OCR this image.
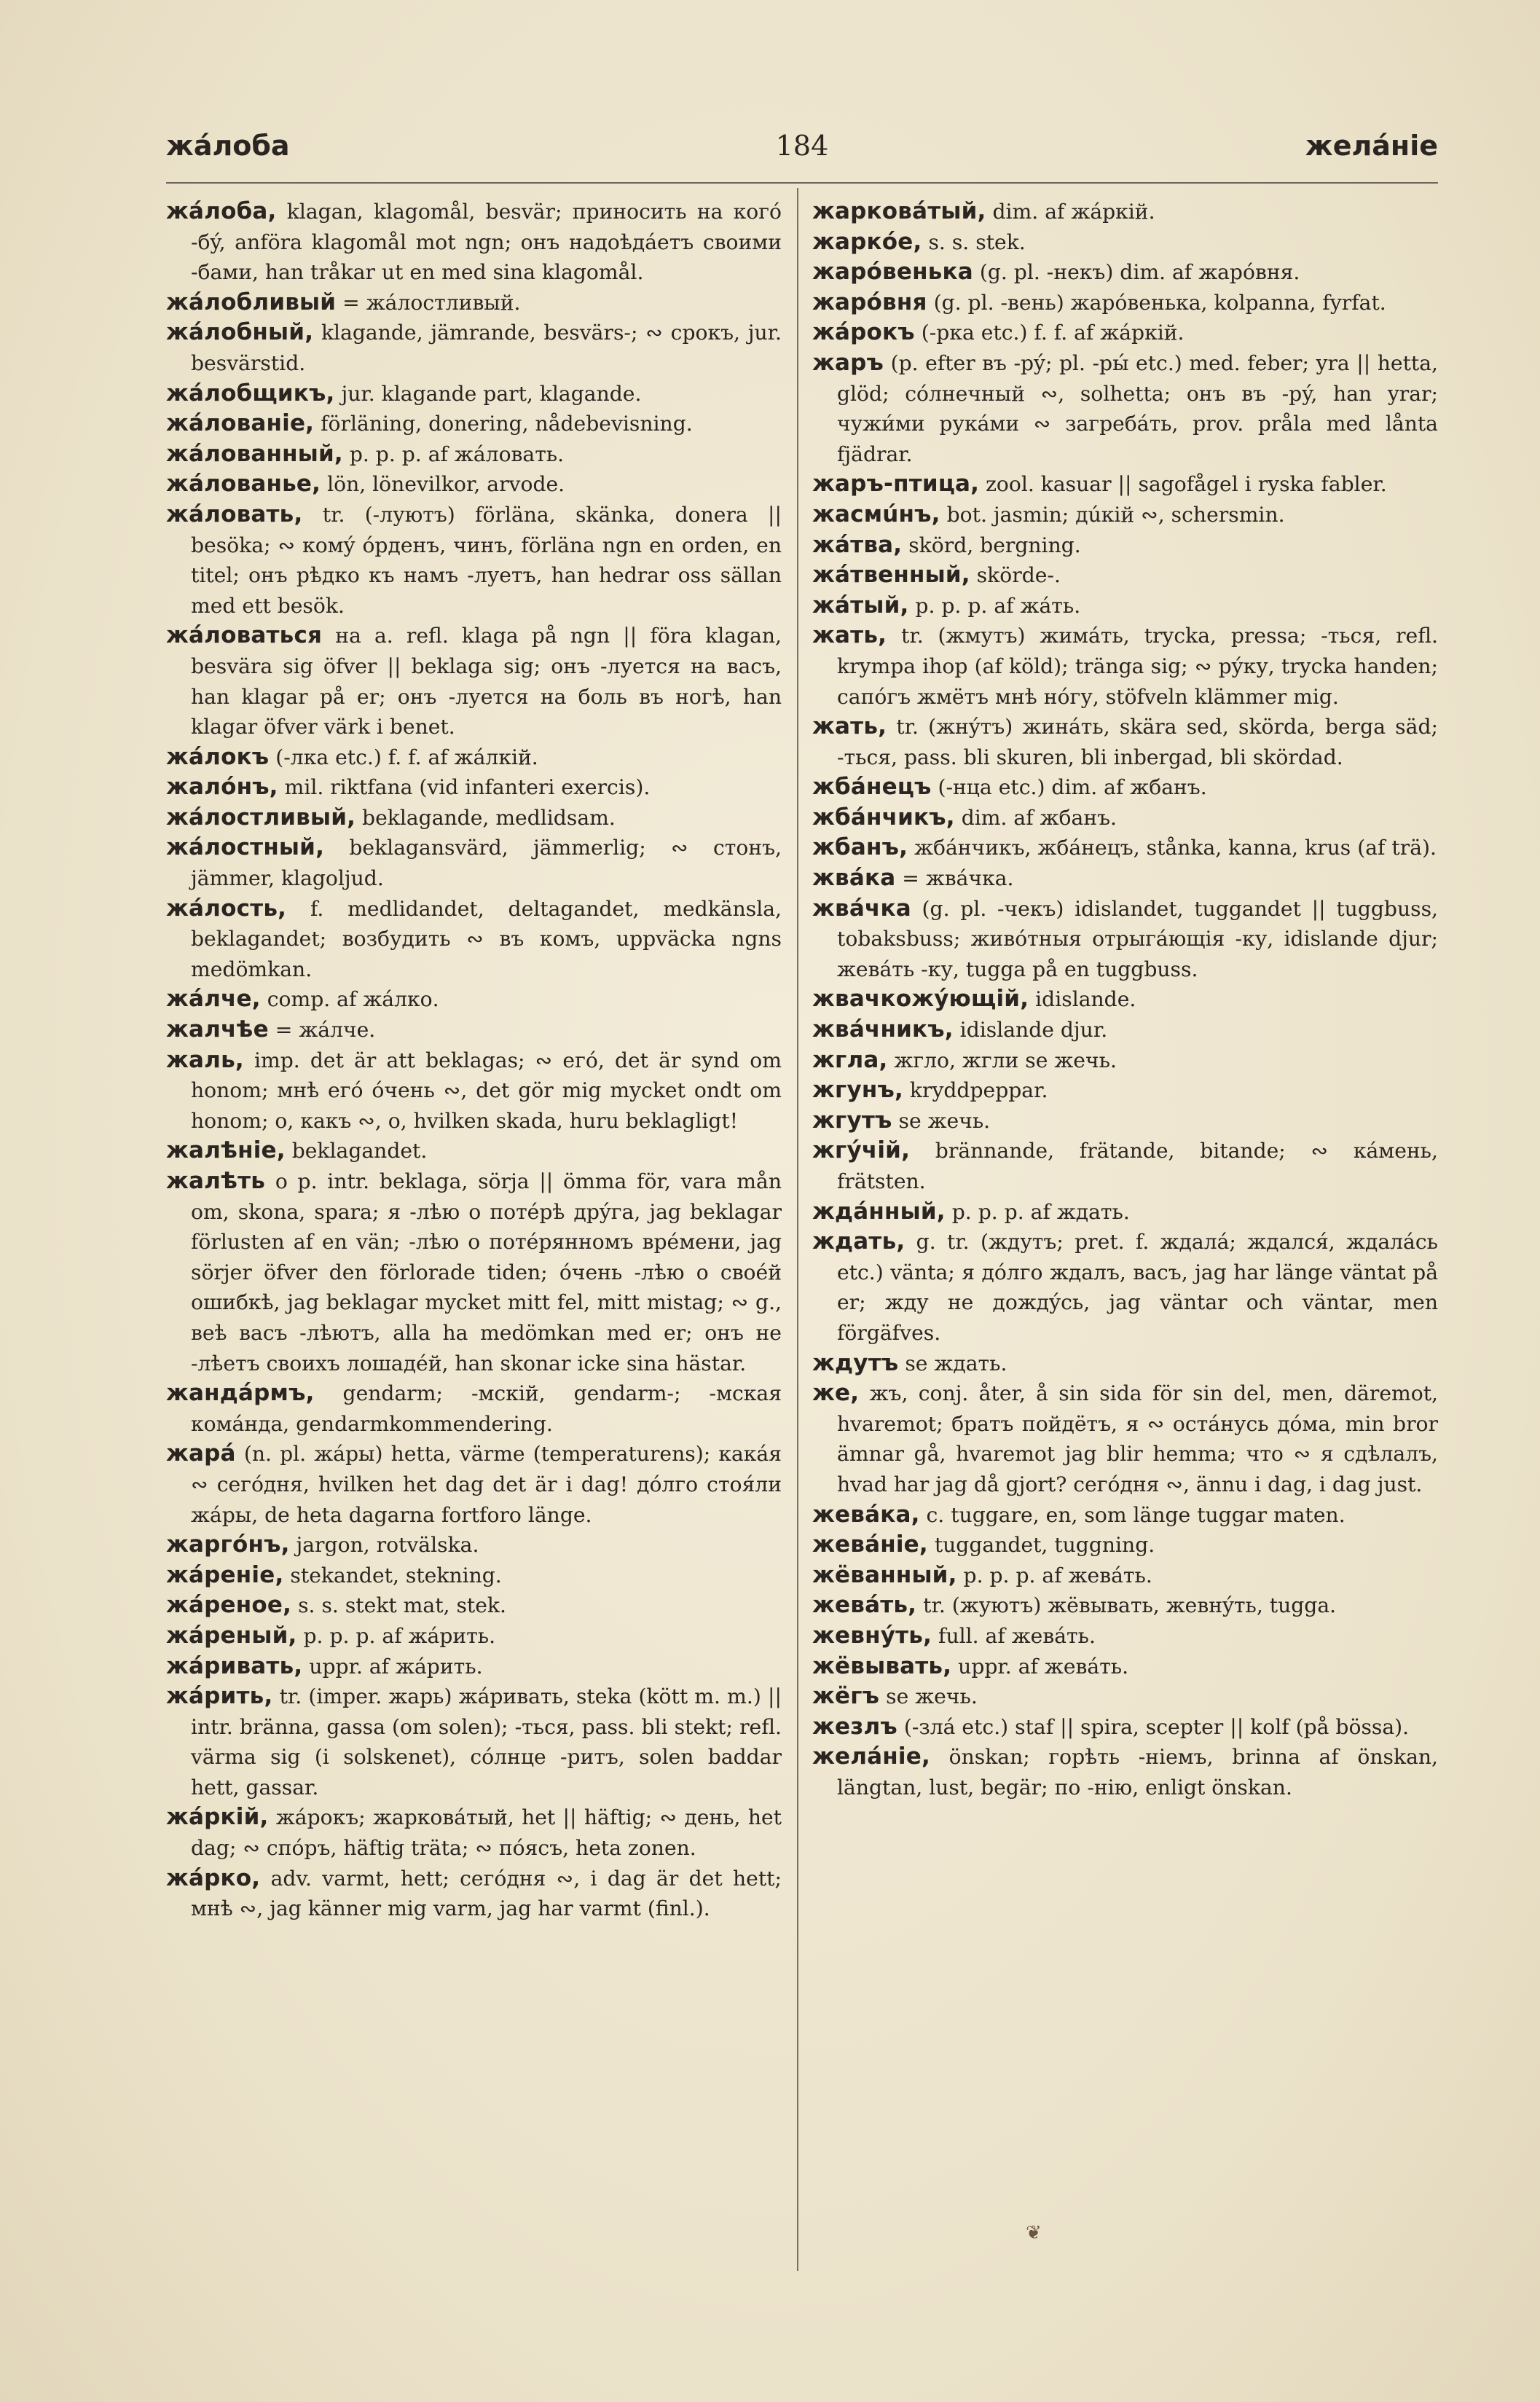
жáлоба	184	желáніе
жáлоба, klagan, klagomål, besvär; приносить на когó -бý, anföra klagomål mot ngn; онъ надоѣдáетъ своими -бами, han tråkar ut en med sina klagomål.
жáлобливый = жáлостливый.
жáлобный, klagande, jämrande, besvärs-; ∾ срокъ, jur. besvärstid.
жáлобщикъ, jur. klagande part, klagande.
жáлованіе, förläning, donering, nådebevisning.
жáлованный, p. p. p. af жáловать.
жáлованье, lön, lönevilkor, arvode.
жáловать, tr. (-луютъ) förläna, skänka, donera || besöka; ∾ комý óрденъ, чинъ, förläna ngn en orden, en titel; онъ рѣдко къ намъ -луетъ, han hedrar oss sällan med ett besök.
жáловаться на a. refl. klaga på ngn || föra klagan, besvära sig öfver || beklaga sig; онъ -луется на васъ, han klagar på er; онъ -луется на боль въ ногѣ, han klagar öfver värk i benet.
жáлокъ (-лка etc.) f. f. af жáлкій.
жалóнъ, mil. riktfana (vid infanteri exercis).
жáлостливый, beklagande, medlidsam.
жáлостный, beklagansvärd, jämmerlig; ∾ стонъ, jämmer, klagoljud.
жáлость, f. medlidandet, deltagandet, medkänsla, beklagandet; возбудить ∾ въ комъ, uppväcka ngns medömkan.
жáлче, comp. af жáлко.
жалчѣе = жáлче.
жаль, imp. det är att beklagas; ∾ егó, det är synd om honom; мнѣ егó óчень ∾, det gör mig mycket ondt om honom; о, какъ ∾, о, hvilken skada, huru beklagligt!
жалѣніе, beklagandet.
жалѣть o p. intr. beklaga, sörja || ömma för, vara mån om, skona, spara; я -лѣю о потéрѣ дрýга, jag beklagar förlusten af en vän; -лѣю о потéрянномъ врéмени, jag sörjer öfver den förlorade tiden; óчень -лѣю о своéй ошибкѣ, jag beklagar mycket mitt fel, mitt mistag; ∾ g., веѣ васъ -лѣютъ, alla ha medömkan med er; онъ не -лѣетъ своихъ лошадéй, han skonar icke sina hästar.
жандáрмъ, gendarm; -мскій, gendarm-; -мская комáнда, gendarmkommendering.
жарá (n. pl. жáры) hetta, värme (temperaturens); какáя ∾ сегóдня, hvilken het dag det är i dag! дóлго стоя́ли жáры, de heta dagarna fortforo länge.
жаргóнъ, jargon, rotvälska.
жáреніе, stekandet, stekning.
жáреное, s. s. stekt mat, stek.
жáреный, p. p. p. af жáрить.
жáривать, uppr. af жáрить.
жáрить, tr. (imper. жарь) жáривать, steka (kött m. m.) || intr. bränna, gassa (om solen); -ться, pass. bli stekt; refl. värma sig (i solskenet), сóлнце -ритъ, solen baddar hett, gassar.
жáркій, жáрокъ; жарковáтый, het || häftig; ∾ день, het dag; ∾ спóръ, häftig träta; ∾ пóясъ, heta zonen.
жáрко, adv. varmt, hett; сегóдня ∾, i dag är det hett; мнѣ ∾, jag känner mig varm, jag har varmt (finl.).
жарковáтый, dim. af жáркій.
жаркóе, s. s. stek.
жарóвенька (g. pl. -некъ) dim. af жарóвня.
жарóвня (g. pl. -вень) жарóвенька, kolpanna, fyrfat.
жáрокъ (-рка etc.) f. f. af жáркій.
жаръ (p. efter въ -рý; pl. -ры́ etc.) med. feber; yra || hetta, glöd; сóлнечный ∾, solhetta; онъ въ -рý, han yrar; чужи́ми рукáми ∾ загребáть, prov. pråla med lånta fjädrar.
жаръ-птица, zool. kasuar || sagofågel i ryska fabler.
жасмúнъ, bot. jasmin; дúкій ∾, schersmin.
жáтва, skörd, bergning.
жáтвенный, skörde-.
жáтый, p. p. p. af жáть.
жать, tr. (жмутъ) жимáть, trycka, pressa; -ться, refl. krympa ihop (af köld); tränga sig; ∾ рýку, trycka handen; сапóгъ жмётъ мнѣ нóгу, stöfveln klämmer mig.
жать, tr. (жнýтъ) жинáть, skära sed, skörda, berga säd; -ться, pass. bli skuren, bli inbergad, bli skördad.
жбáнецъ (-нца etc.) dim. af жбанъ.
жбáнчикъ, dim. af жбанъ.
жбанъ, жбáнчикъ, жбáнецъ, stånka, kanna, krus (af trä).
жвáка = жвáчка.
жвáчка (g. pl. -чекъ) idislandet, tuggandet || tuggbuss, tobaksbuss; живóтныя отрыгáющія -ку, idislande djur; жевáть -ку, tugga på en tuggbuss.
жвачкожýющій, idislande.
жвáчникъ, idislande djur.
жгла, жгло, жгли se жечь.
жгунъ, kryddpeppar.
жгутъ se жечь.
жгýчій, brännande, frätande, bitande; ∾ кáмень, frätsten.
ждáнный, p. p. p. af ждать.
ждать, g. tr. (ждутъ; pret. f. ждалá; ждался́, ждалáсь etc.) vänta; я дóлго ждалъ, васъ, jag har länge väntat på er; жду не дождýсь, jag väntar och väntar, men förgäfves.
ждутъ se ждать.
же, жъ, conj. åter, å sin sida för sin del, men, däremot, hvaremot; братъ пойдётъ, я ∾ остáнусь дóма, min bror ämnar gå, hvaremot jag blir hemma; что ∾ я сдѣлалъ, hvad har jag då gjort? сегóдня ∾, ännu i dag, i dag just.
жевáка, c. tuggare, en, som länge tuggar maten.
жевáніе, tuggandet, tuggning.
жёванный, p. p. p. af жевáть.
жевáть, tr. (жуютъ) жёвывать, жевнýть, tugga.
жевнýть, full. af жевáть.
жёвывать, uppr. af жевáть.
жёгъ se жечь.
жезлъ (-злá etc.) staf || spira, scepter || kolf (på bössa).
желáніе, önskan; горѣть -ніемъ, brinna af önskan, längtan, lust, begär; по -нію, enligt önskan.
❦
